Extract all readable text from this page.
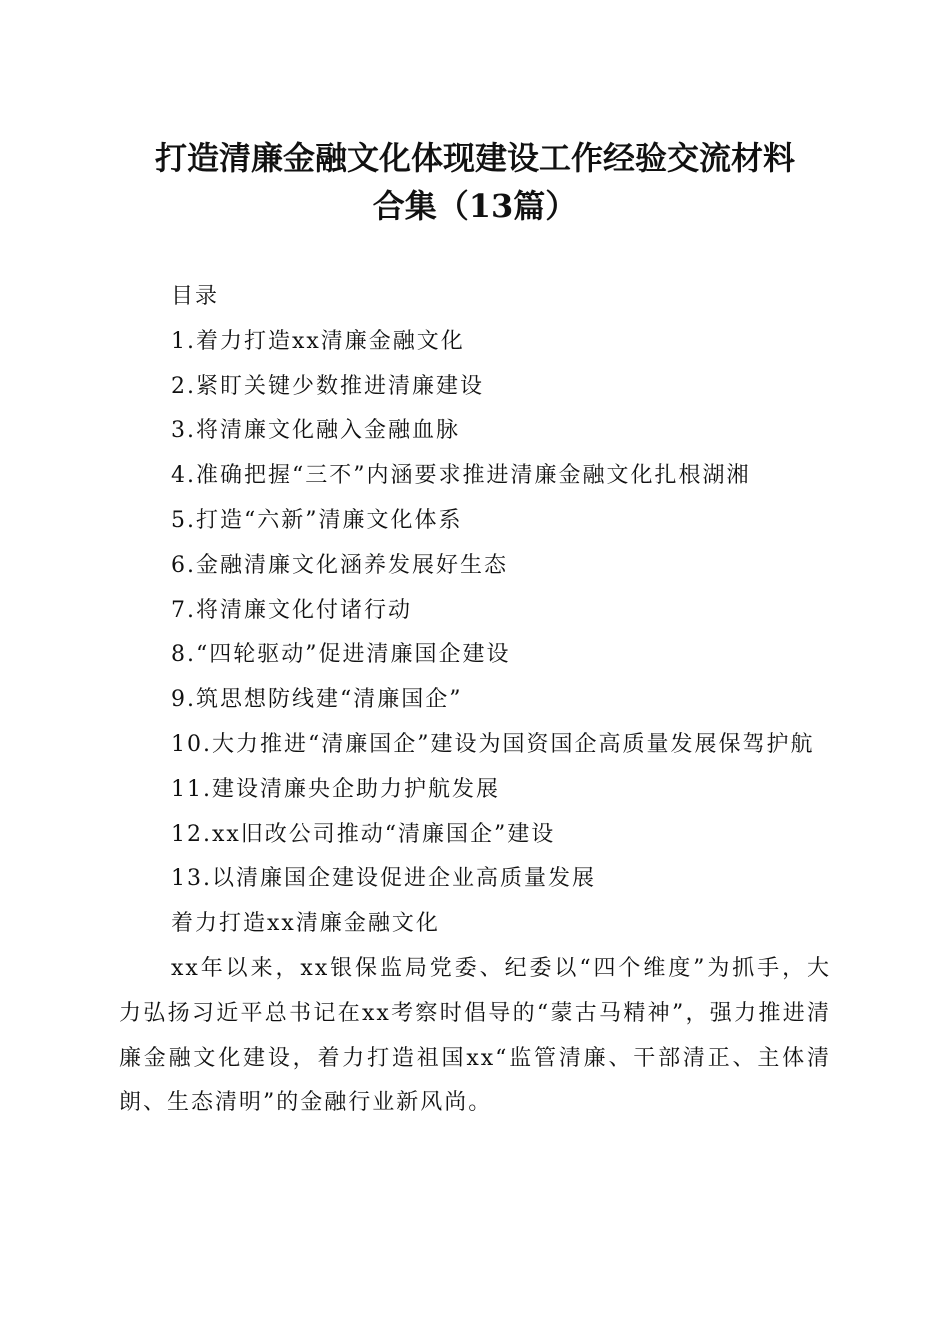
打造清廉金融文化体现建设工作经验交流材料
合集（13篇）

目录

1.着力打造xx清廉金融文化

2.紧盯关键少数推进清廉建设

3.将清廉文化融入金融血脉

4.准确把握“三不”内涵要求推进清廉金融文化扎根湖湘

5.打造“六新”清廉文化体系

6.金融清廉文化涵养发展好生态

7.将清廉文化付诸行动

8.“四轮驱动”促进清廉国企建设

9.筑思想防线建“清廉国企”

10.大力推进“清廉国企”建设为国资国企高质量发展保驾护航

11.建设清廉央企助力护航发展

12.xx旧改公司推动“清廉国企”建设

13.以清廉国企建设促进企业高质量发展

着力打造xx清廉金融文化

xx年以来，xx银保监局党委、纪委以“四个维度”为抓手，大力弘扬习近平总书记在xx考察时倡导的“蒙古马精神”，强力推进清廉金融文化建设，着力打造祖国xx“监管清廉、干部清正、主体清朗、生态清明”的金融行业新风尚。
